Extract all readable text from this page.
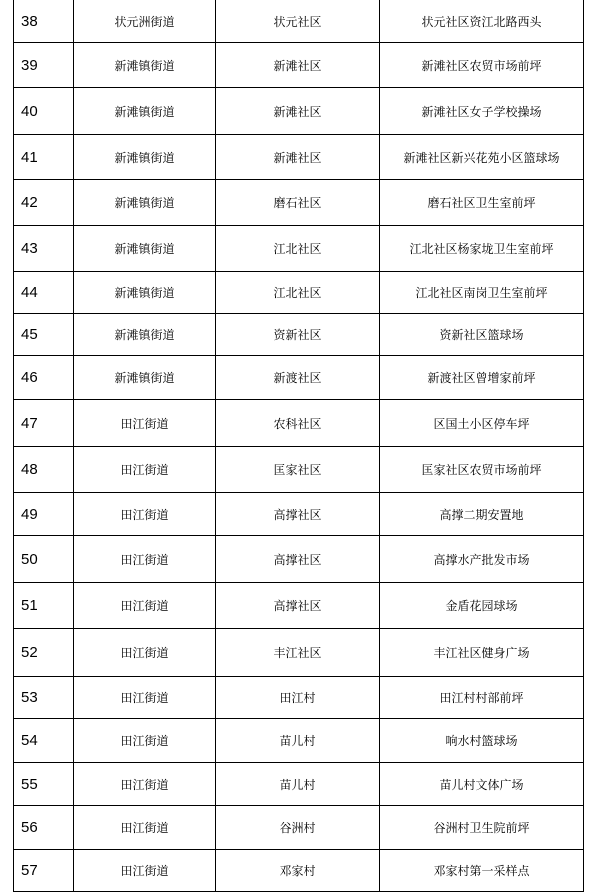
38	状元洲街道	状元社区	状元社区资江北路西头
39	新滩镇街道	新滩社区	新滩社区农贸市场前坪
40	新滩镇街道	新滩社区	新滩社区女子学校操场
41	新滩镇街道	新滩社区	新滩社区新兴花苑小区篮球场
42	新滩镇街道	磨石社区	磨石社区卫生室前坪
43	新滩镇街道	江北社区	江北社区杨家垅卫生室前坪
44	新滩镇街道	江北社区	江北社区南岗卫生室前坪
45	新滩镇街道	资新社区	资新社区篮球场
46	新滩镇街道	新渡社区	新渡社区曾增家前坪
47	田江街道	农科社区	区国土小区停车坪
48	田江街道	匡家社区	匡家社区农贸市场前坪
49	田江街道	高撑社区	高撑二期安置地
50	田江街道	高撑社区	高撑水产批发市场
51	田江街道	高撑社区	金盾花园球场
52	田江街道	丰江社区	丰江社区健身广场
53	田江街道	田江村	田江村村部前坪
54	田江街道	苗儿村	响水村篮球场
55	田江街道	苗儿村	苗儿村文体广场
56	田江街道	谷洲村	谷洲村卫生院前坪
57	田江街道	邓家村	邓家村第一采样点
